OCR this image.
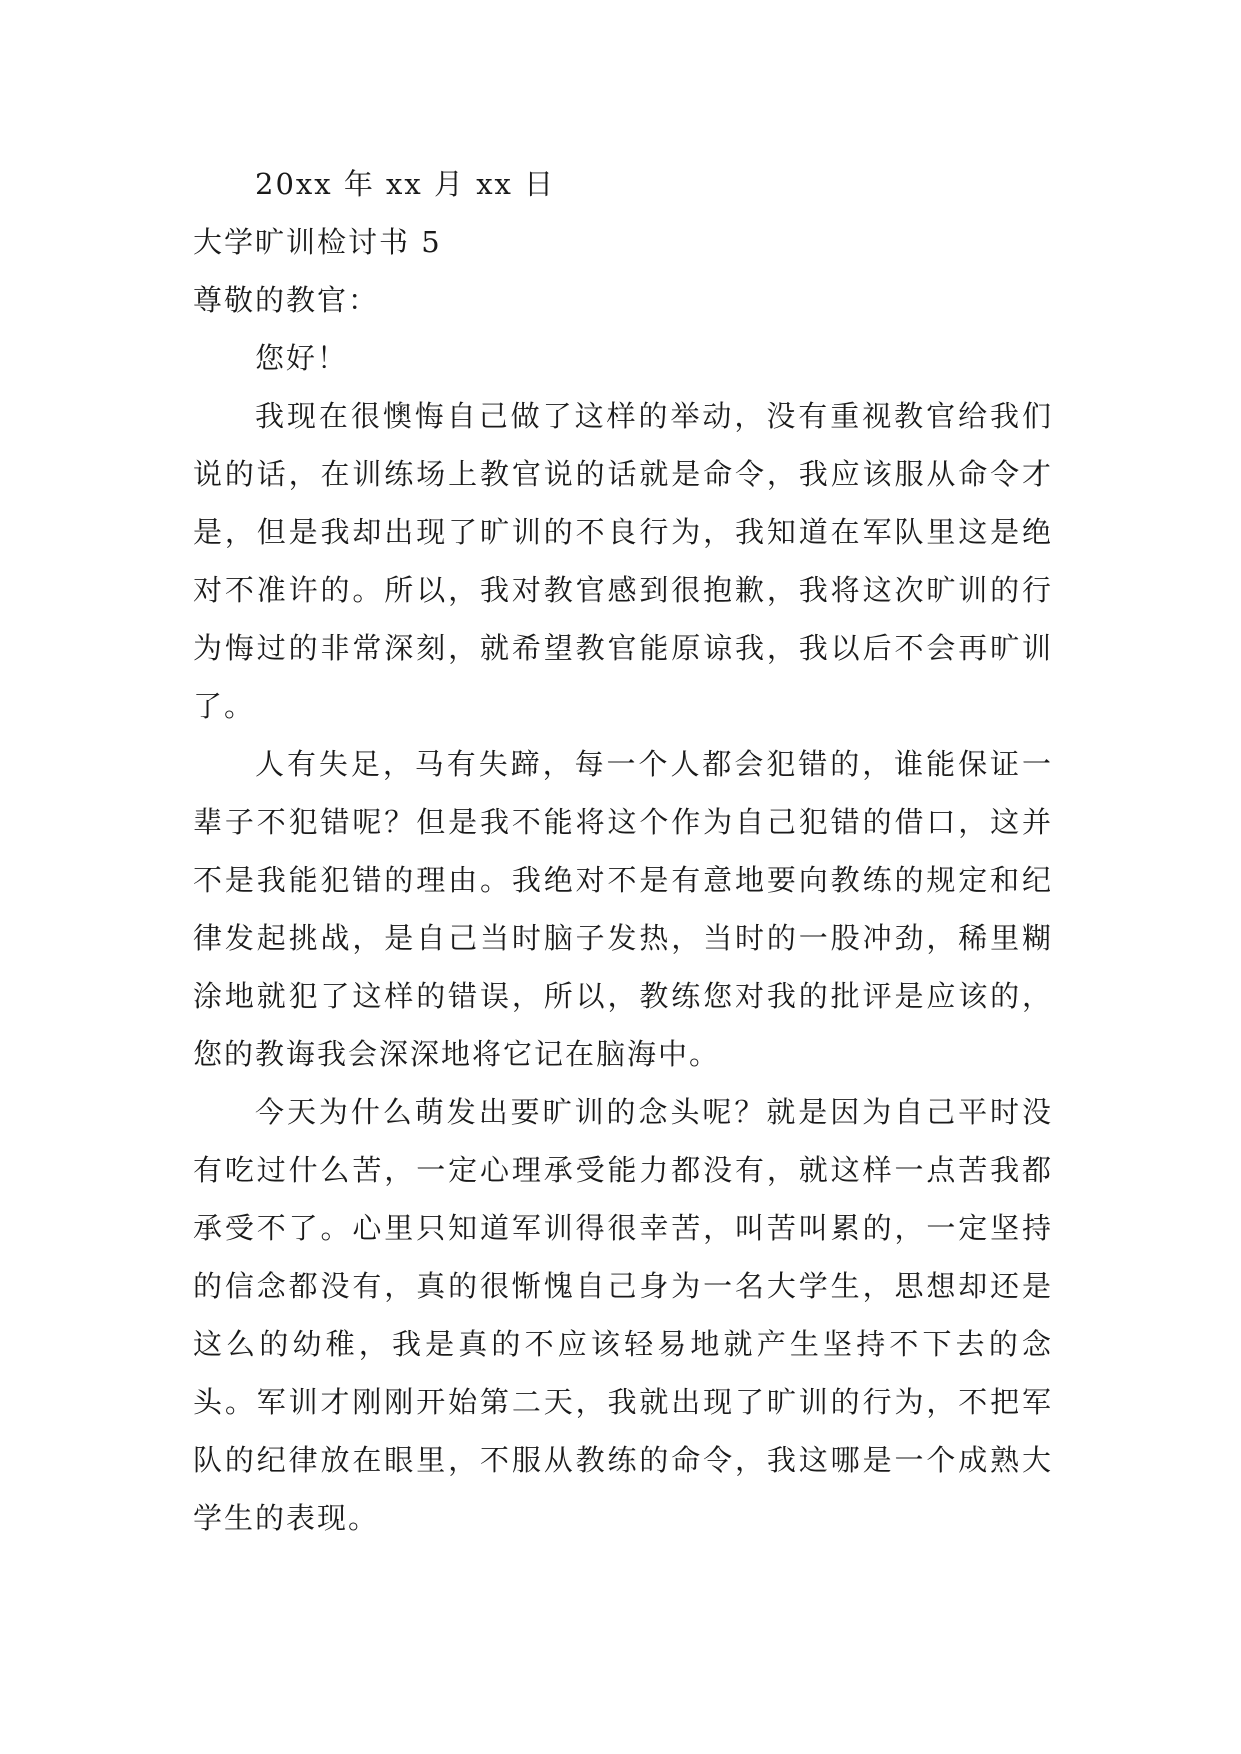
20xx 年 xx 月 xx 日

大学旷训检讨书 5

尊敬的教官：

您好！

我现在很懊悔自己做了这样的举动，没有重视教官给我们说的话，在训练场上教官说的话就是命令，我应该服从命令才是，但是我却出现了旷训的不良行为，我知道在军队里这是绝对不准许的。所以，我对教官感到很抱歉，我将这次旷训的行为悔过的非常深刻，就希望教官能原谅我，我以后不会再旷训了。

人有失足，马有失蹄，每一个人都会犯错的，谁能保证一辈子不犯错呢？但是我不能将这个作为自己犯错的借口，这并不是我能犯错的理由。我绝对不是有意地要向教练的规定和纪律发起挑战，是自己当时脑子发热，当时的一股冲劲，稀里糊涂地就犯了这样的错误，所以，教练您对我的批评是应该的，您的教诲我会深深地将它记在脑海中。

今天为什么萌发出要旷训的念头呢？就是因为自己平时没有吃过什么苦，一定心理承受能力都没有，就这样一点苦我都承受不了。心里只知道军训得很幸苦，叫苦叫累的，一定坚持的信念都没有，真的很惭愧自己身为一名大学生，思想却还是这么的幼稚，我是真的不应该轻易地就产生坚持不下去的念头。军训才刚刚开始第二天，我就出现了旷训的行为，不把军队的纪律放在眼里，不服从教练的命令，我这哪是一个成熟大学生的表现。
